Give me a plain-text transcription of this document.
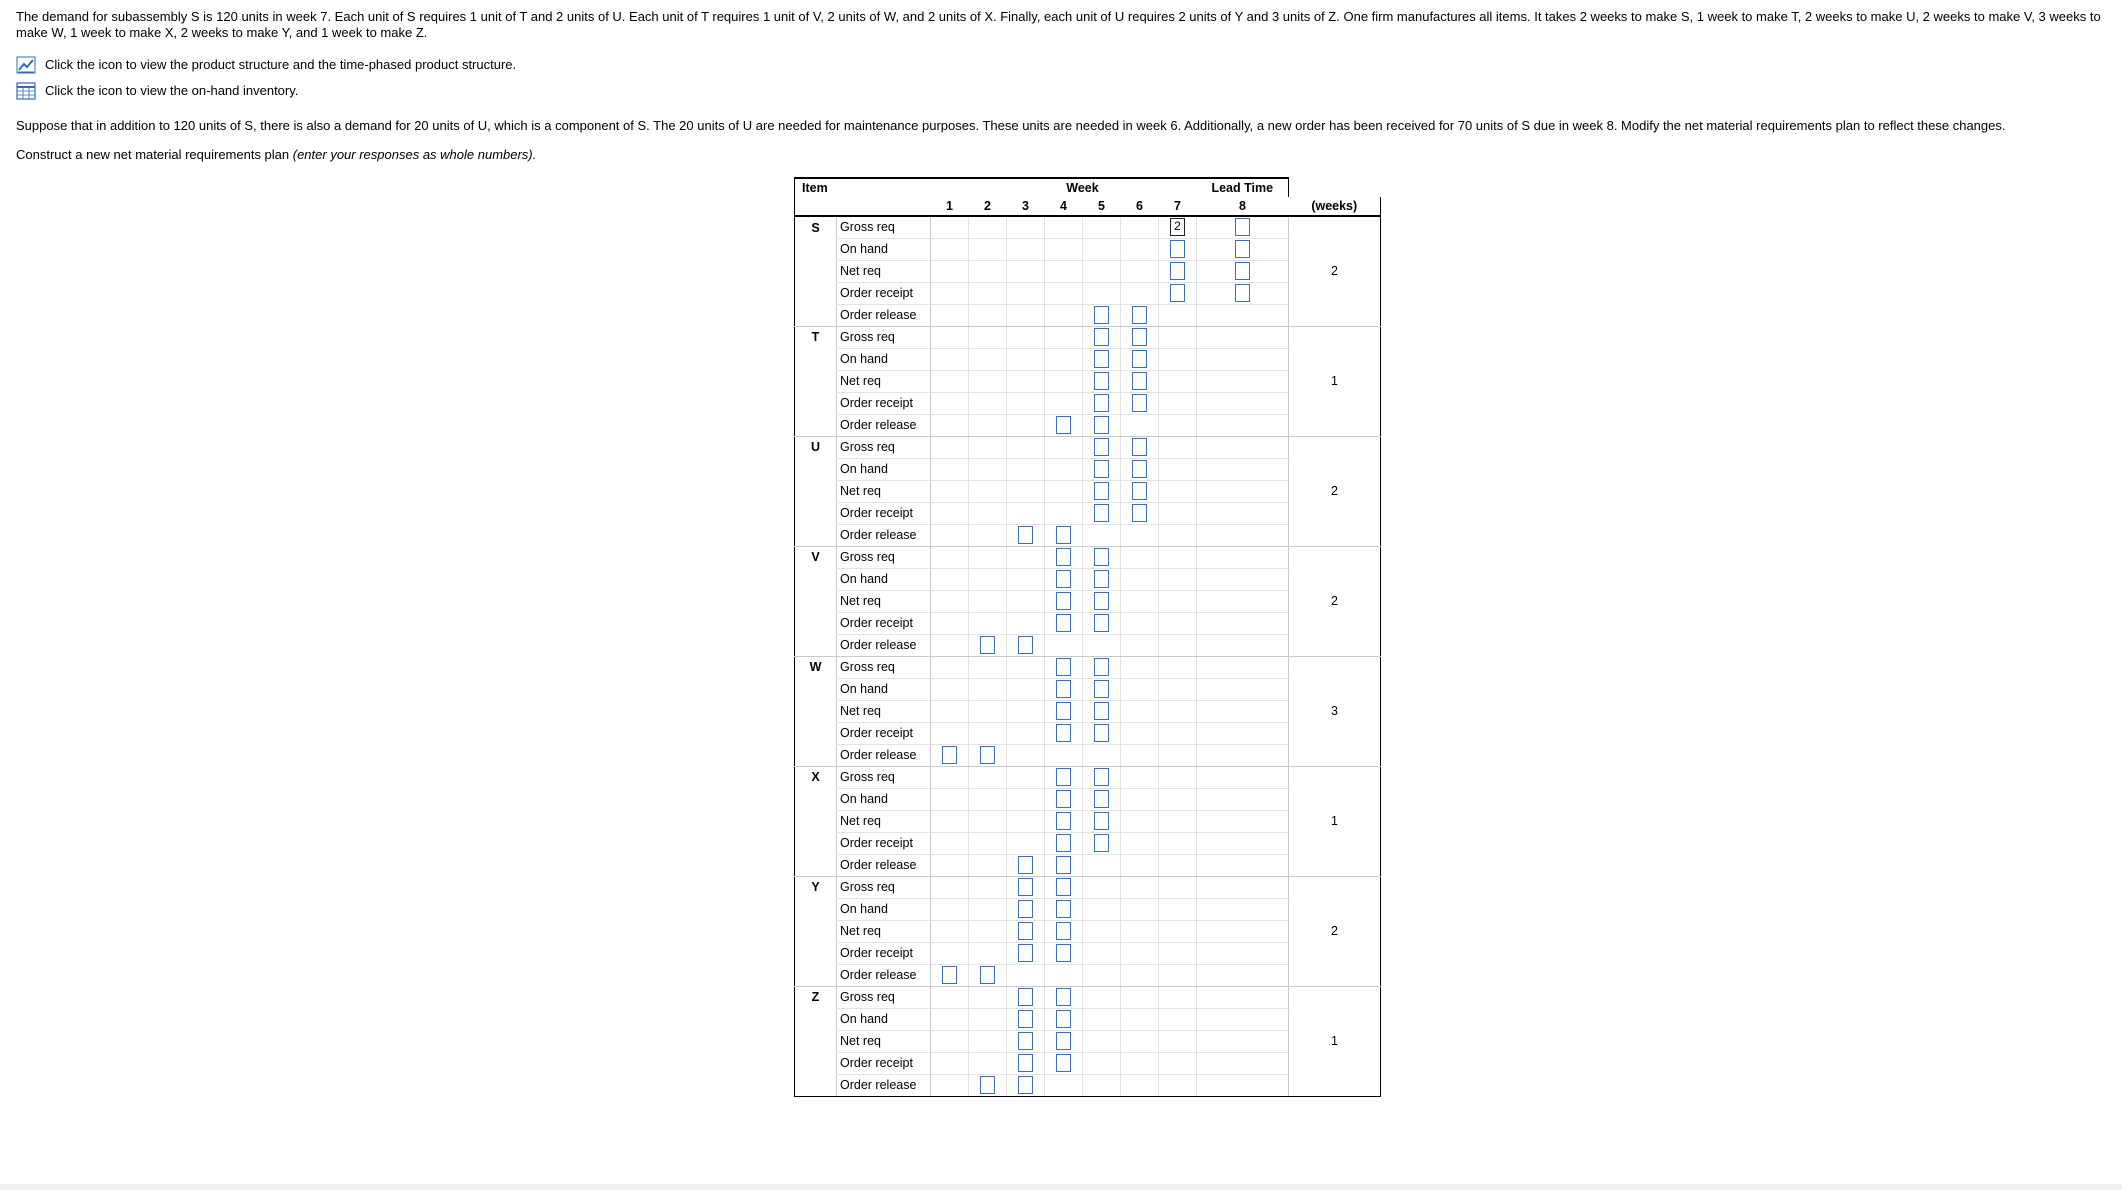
The demand for subassembly S is 120 units in week 7. Each unit of S requires 1 unit of T and 2 units of U. Each unit of T requires 1 unit of V, 2 units of W, and 2 units of X. Finally, each unit of U requires 2 units of Y and 3 units of Z. One firm manufactures all items. It takes 2 weeks to make S, 1 week to make T, 2 weeks to make U, 2 weeks to make V, 3 weeks to make W, 1 week to make X, 2 weeks to make Y, and 1 week to make Z.

Click the icon to view the product structure and the time-phased product structure.
Click the icon to view the on-hand inventory.

Suppose that in addition to 120 units of S, there is also a demand for 20 units of U, which is a component of S. The 20 units of U are needed for maintenance purposes. These units are needed in week 6. Additionally, a new order has been received for 70 units of S due in week 8. Modify the net material requirements plan to reflect these changes.

Construct a new net material requirements plan (enter your responses as whole numbers).

Item					Week				Lead Time	
		1	2	3	4	5	6	7	8	(weeks)
S	Gross req							2		2
	On hand									
	Net req									
	Order receipt									
	Order release									
T	Gross req									1
	On hand									
	Net req									
	Order receipt									
	Order release									
U	Gross req									2
	On hand									
	Net req									
	Order receipt									
	Order release									
V	Gross req									2
	On hand									
	Net req									
	Order receipt									
	Order release									
W	Gross req									3
	On hand									
	Net req									
	Order receipt									
	Order release									
X	Gross req									1
	On hand									
	Net req									
	Order receipt									
	Order release									
Y	Gross req									2
	On hand									
	Net req									
	Order receipt									
	Order release									
Z	Gross req									1
	On hand									
	Net req									
	Order receipt									
	Order release									
